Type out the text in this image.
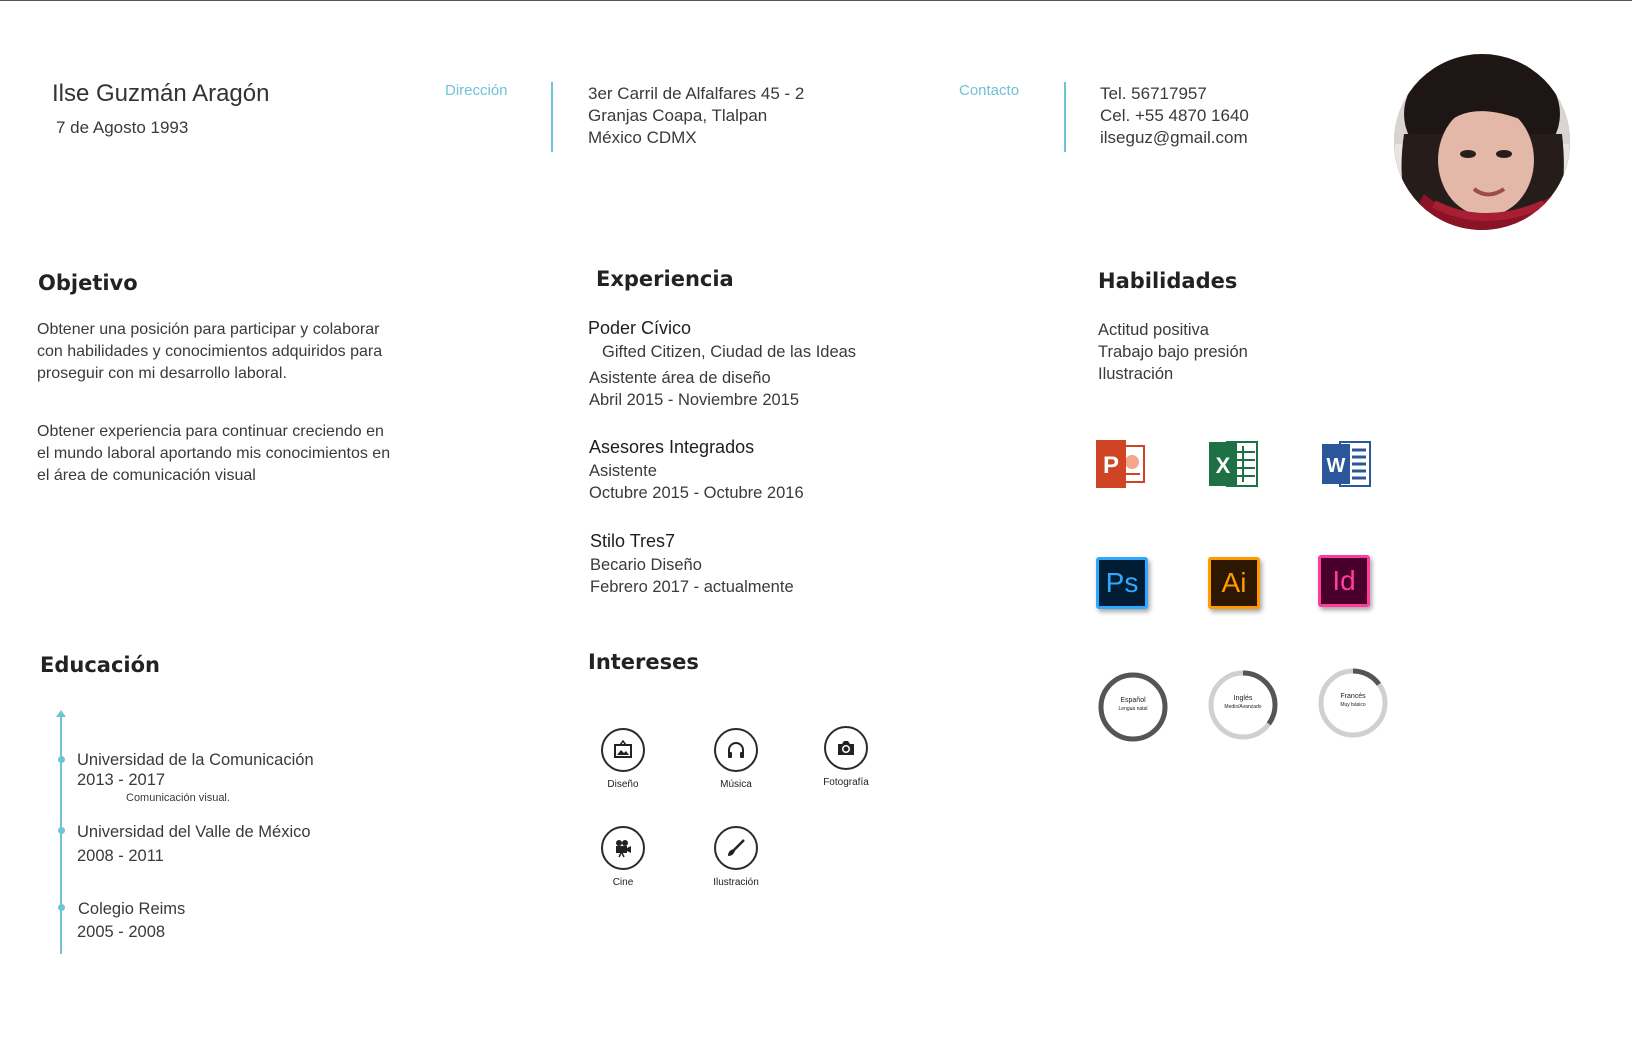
Ilse Guzmán Aragón
7 de Agosto 1993
Dirección	3er Carril de Alfalfares 45 - 2
Granjas Coapa, Tlalpan
México CDMX
Contacto	Tel. 56717957
Cel. +55 4870 1640
ilseguz@gmail.com
Objetivo
Obtener una posición para participar y colaborar con habilidades y conocimientos adquiridos para proseguir con mi desarrollo laboral.
Obtener experiencia para continuar creciendo en el mundo laboral aportando mis conocimientos en el área de comunicación visual
Experiencia
Poder Cívico
Gifted Citizen, Ciudad de las Ideas
Asistente área de diseño
Abril 2015 - Noviembre 2015
Asesores Integrados
Asistente
Octubre 2015 - Octubre 2016
Stilo Tres7
Becario Diseño
Febrero 2017 - actualmente
Habilidades
Actitud positiva
Trabajo bajo presión
Ilustración
P	X	W
Ps	Ai	Id
Español
Lengua natal
Inglés
Medio/Avanzado
Francés
Muy básico
Educación
Universidad de la Comunicación
2013 - 2017
Comunicación visual.
Universidad del Valle de México
2008 - 2011
Colegio Reims
2005 - 2008
Intereses
Diseño	Música	Fotografía
Cine	Ilustración
